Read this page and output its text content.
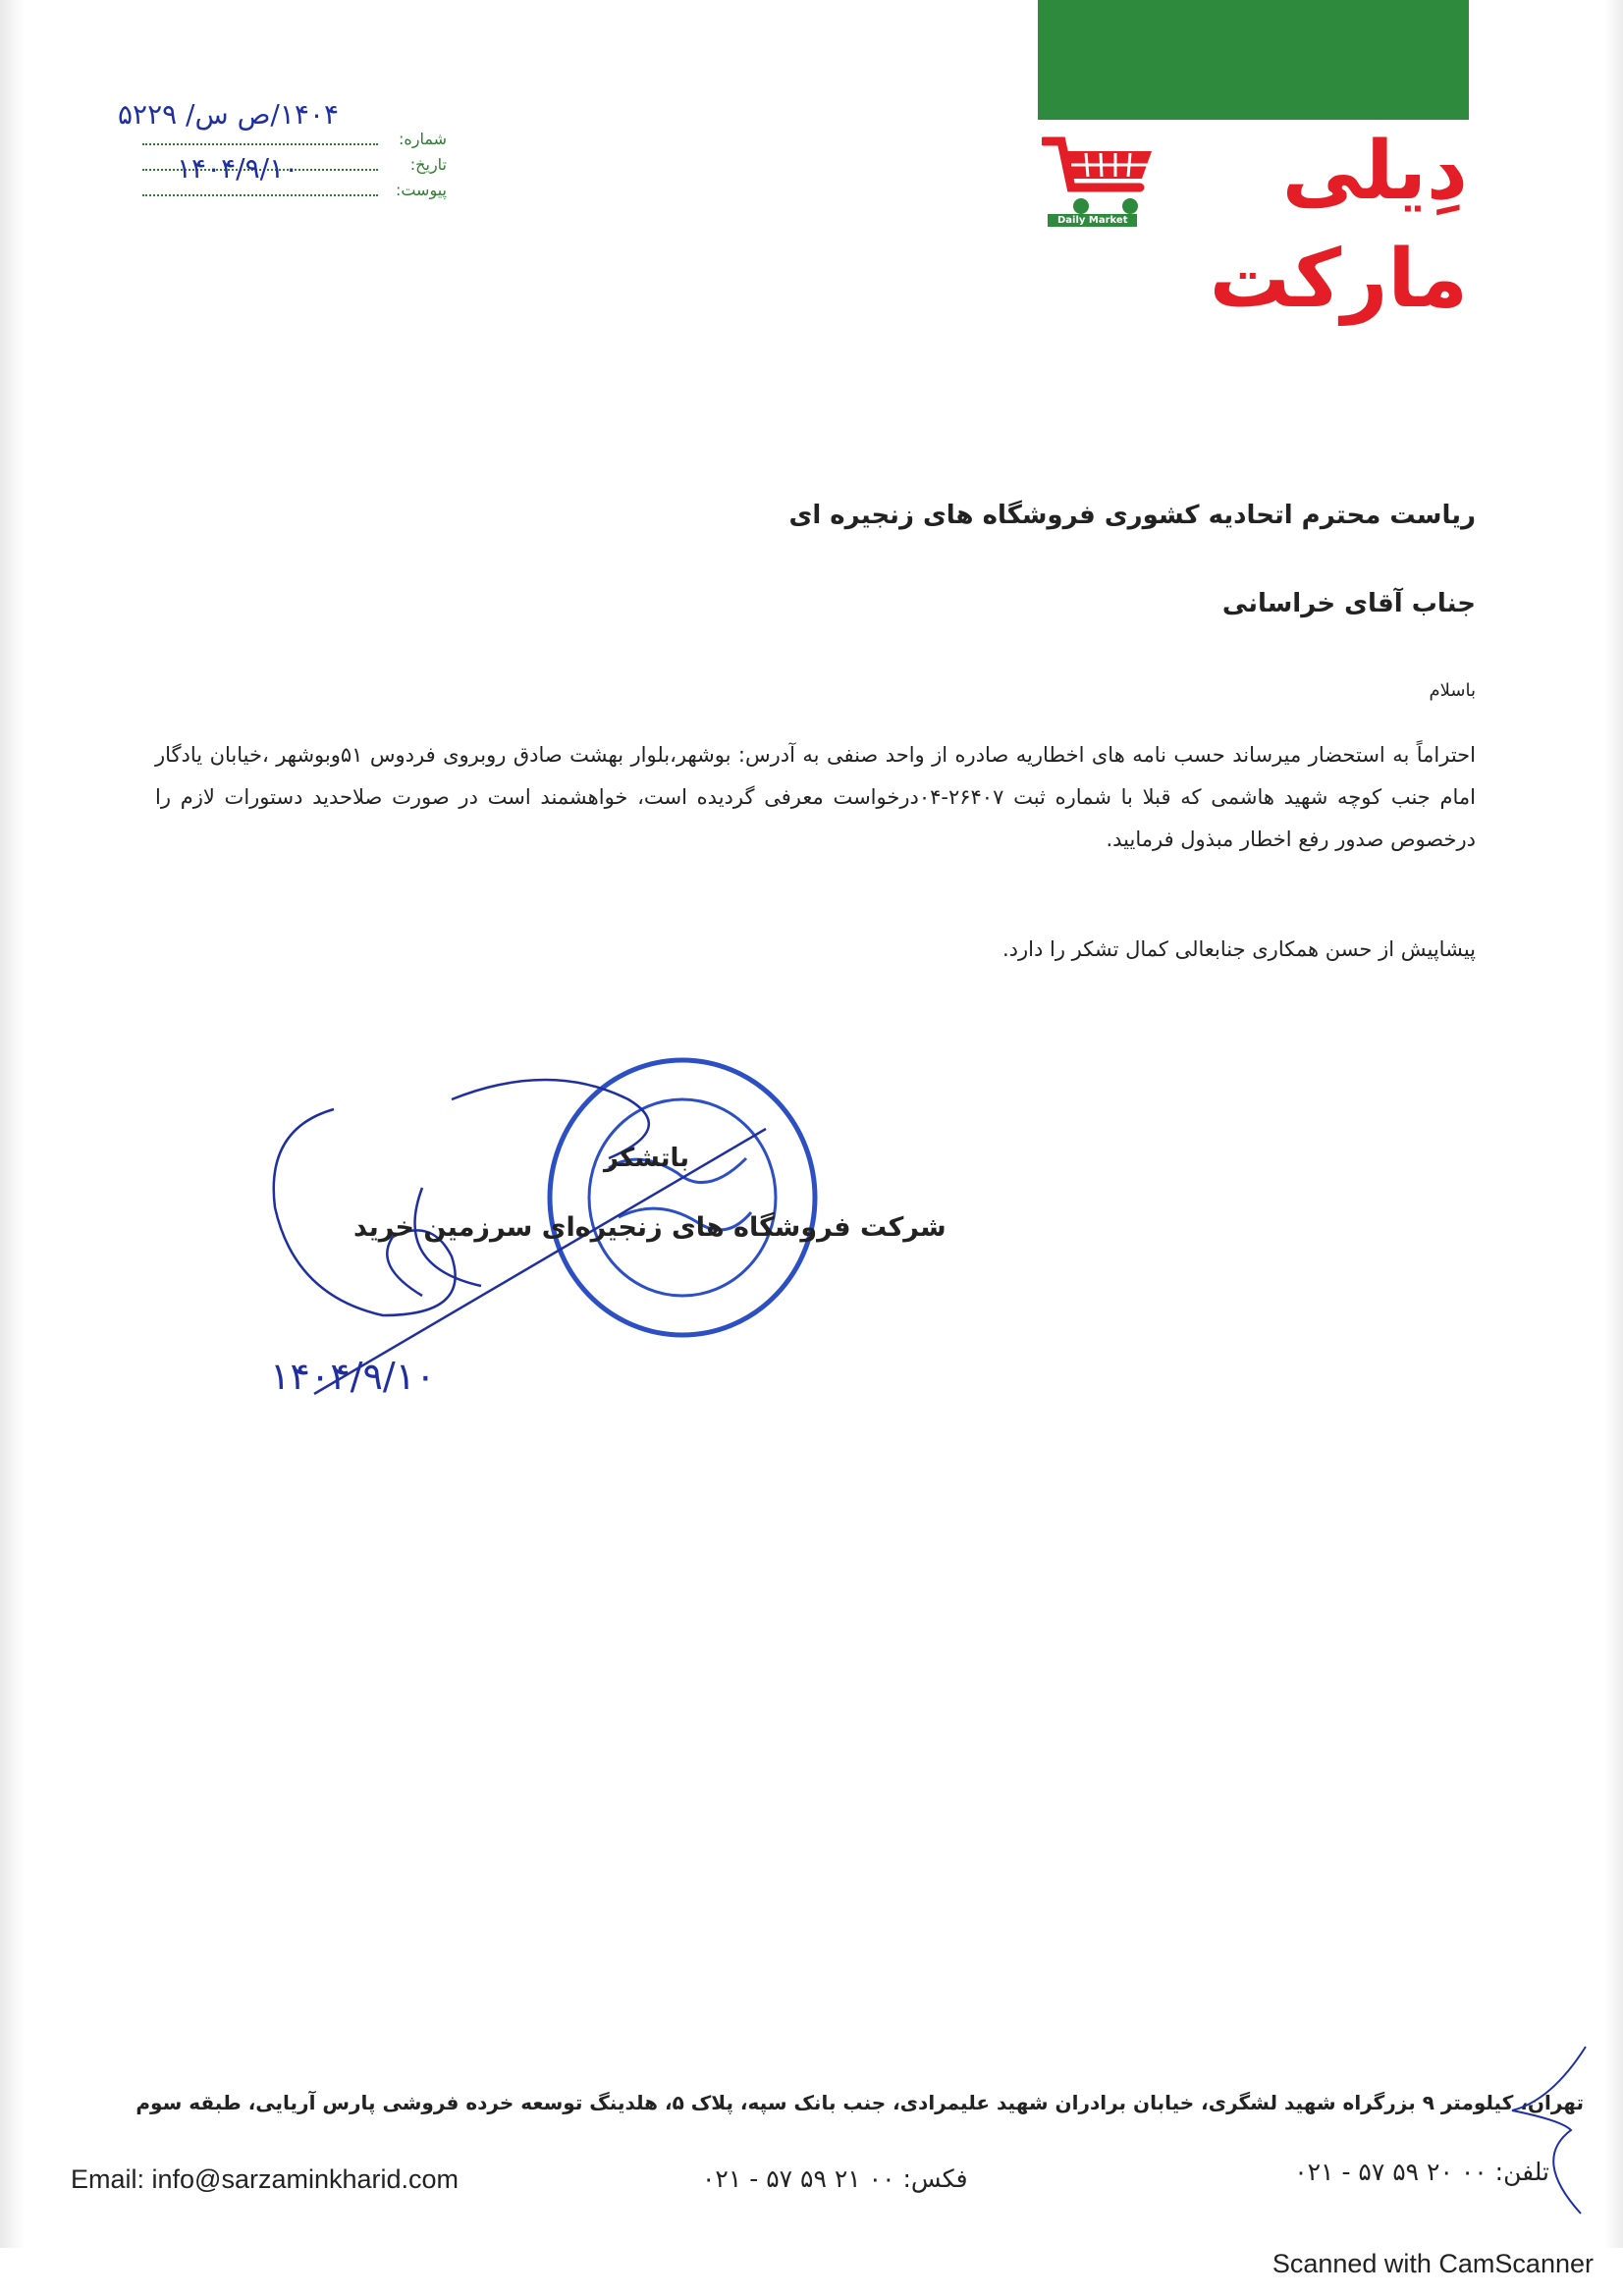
دِیلی مارکت
Daily Market
شماره:
تاریخ:
پیوست:
۱۴۰۴/ص س/ ۵۲۲۹
۱۴۰۴/۹/۱۰
ریاست محترم اتحادیه کشوری فروشگاه های زنجیره ای
جناب آقای خراسانی
باسلام
احتراماً به استحضار میرساند حسب نامه های اخطاریه صادره از واحد صنفی به آدرس: بوشهر،بلوار بهشت صادق روبروی فردوس ۵۱وبوشهر ،خیابان یادگار امام جنب کوچه شهید هاشمی که قبلا با شماره ثبت ۲۶۴۰۷-۰۴درخواست معرفی گردیده است، خواهشمند است در صورت صلاحدید دستورات لازم را درخصوص صدور رفع اخطار مبذول فرمایید.
پیشاپیش از حسن همکاری جنابعالی کمال تشکر را دارد.
باتشکر
شرکت فروشگاه های زنجیره‌ای سرزمین خرید
۱۴۰۴/۹/۱۰
تهران، کیلومتر ۹ بزرگراه شهید لشگری، خیابان برادران شهید علیمرادی، جنب بانک سپه، پلاک ۵، هلدینگ توسعه خرده فروشی پارس آریایی، طبقه سوم
Email: info@sarzaminkharid.com	فکس: ۰۰ ۲۱ ۵۹ ۵۷ - ۰۲۱	تلفن: ۰۰ ۲۰ ۵۹ ۵۷ - ۰۲۱
Scanned with CamScanner
